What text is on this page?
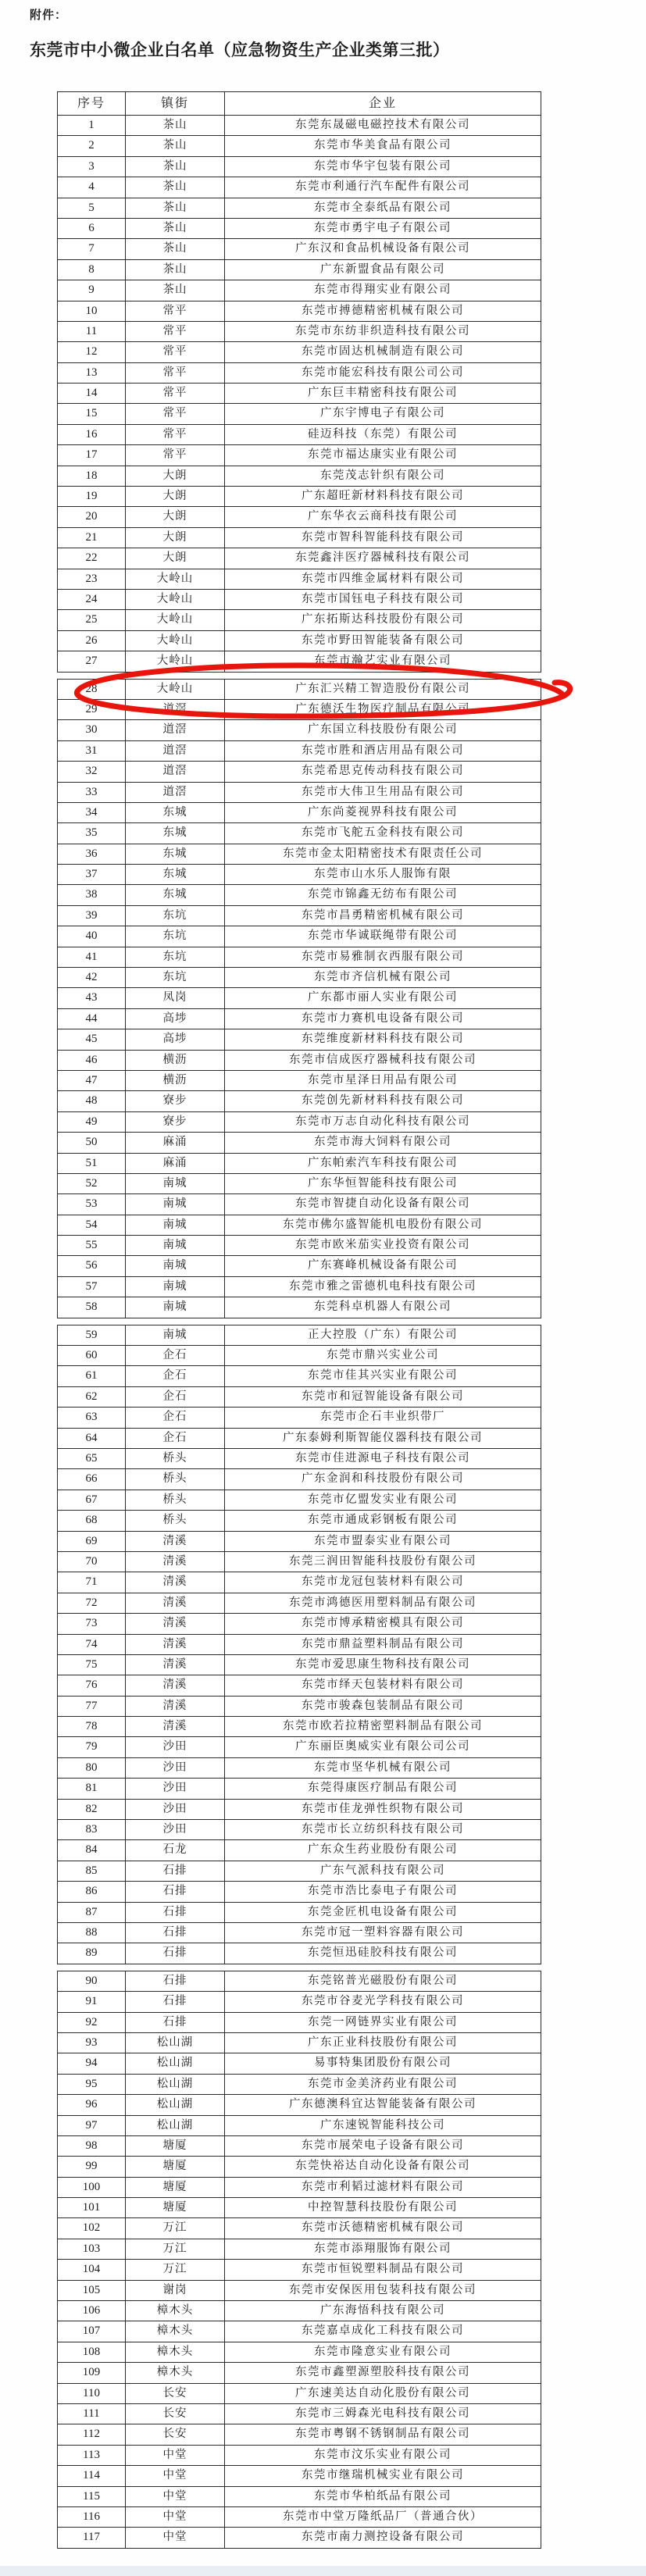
附件：
东莞市中小微企业白名单（应急物资生产企业类第三批）
序号	镇街	企业
1	茶山	东莞东晟磁电磁控技术有限公司
2	茶山	东莞市华美食品有限公司
3	茶山	东莞市华宇包装有限公司
4	茶山	东莞市利通行汽车配件有限公司
5	茶山	东莞市全泰纸品有限公司
6	茶山	东莞市勇宇电子有限公司
7	茶山	广东汉和食品机械设备有限公司
8	茶山	广东新盟食品有限公司
9	茶山	东莞市得翔实业有限公司
10	常平	东莞市搏德精密机械有限公司
11	常平	东莞市东纺非织造科技有限公司
12	常平	东莞市固达机械制造有限公司
13	常平	东莞市能宏科技有限公司公司
14	常平	广东巨丰精密科技有限公司
15	常平	广东宇博电子有限公司
16	常平	硅迈科技（东莞）有限公司
17	常平	东莞市福达康实业有限公司
18	大朗	东莞茂志针织有限公司
19	大朗	广东超旺新材料科技有限公司
20	大朗	广东华衣云商科技有限公司
21	大朗	东莞市智科智能科技有限公司
22	大朗	东莞鑫沣医疗器械科技有限公司
23	大岭山	东莞市四维金属材料有限公司
24	大岭山	东莞市国钰电子科技有限公司
25	大岭山	广东拓斯达科技股份有限公司
26	大岭山	东莞市野田智能装备有限公司
27	大岭山	东莞市瀚艺实业有限公司
28	大岭山	广东汇兴精工智造股份有限公司
29	道滘	广东德沃生物医疗制品有限公司
30	道滘	广东国立科技股份有限公司
31	道滘	东莞市胜和酒店用品有限公司
32	道滘	东莞希思克传动科技有限公司
33	道滘	东莞市大伟卫生用品有限公司
34	东城	广东尚菱视界科技有限公司
35	东城	东莞市飞舵五金科技有限公司
36	东城	东莞市金太阳精密技术有限责任公司
37	东城	东莞市山水乐人服饰有限
38	东城	东莞市锦鑫无纺布有限公司
39	东坑	东莞市昌勇精密机械有限公司
40	东坑	东莞市华诚联绳带有限公司
41	东坑	东莞市易雅制衣西服有限公司
42	东坑	东莞市齐信机械有限公司
43	凤岗	广东都市丽人实业有限公司
44	高埗	东莞市力赛机电设备有限公司
45	高埗	东莞维度新材料科技有限公司
46	横沥	东莞市信成医疗器械科技有限公司
47	横沥	东莞市星泽日用品有限公司
48	寮步	东莞创先新材料科技有限公司
49	寮步	东莞市万志自动化科技有限公司
50	麻涌	东莞市海大饲料有限公司
51	麻涌	广东帕索汽车科技有限公司
52	南城	广东华恒智能科技有限公司
53	南城	东莞市智捷自动化设备有限公司
54	南城	东莞市佛尔盛智能机电股份有限公司
55	南城	东莞市欧米茄实业投资有限公司
56	南城	广东赛峰机械设备有限公司
57	南城	东莞市雅之雷德机电科技有限公司
58	南城	东莞科卓机器人有限公司
59	南城	正大控股（广东）有限公司
60	企石	东莞市鼎兴实业公司
61	企石	东莞市佳其兴实业有限公司
62	企石	东莞市和冠智能设备有限公司
63	企石	东莞市企石丰业织带厂
64	企石	广东泰姆利斯智能仪器科技有限公司
65	桥头	东莞市佳进源电子科技有限公司
66	桥头	广东金润和科技股份有限公司
67	桥头	东莞市亿盟发实业有限公司
68	桥头	东莞市通成彩钢板有限公司
69	清溪	东莞市盟泰实业有限公司
70	清溪	东莞三润田智能科技股份有限公司
71	清溪	东莞市龙冠包装材料有限公司
72	清溪	东莞市鸿德医用塑料制品有限公司
73	清溪	东莞市博承精密模具有限公司
74	清溪	东莞市鼎益塑料制品有限公司
75	清溪	东莞市爱思康生物科技有限公司
76	清溪	东莞市绎天包装材料有限公司
77	清溪	东莞市骏森包装制品有限公司
78	清溪	东莞市欧若拉精密塑料制品有限公司
79	沙田	广东丽臣奥威实业有限公司公司
80	沙田	东莞市坚华机械有限公司
81	沙田	东莞得康医疗制品有限公司
82	沙田	东莞市佳龙弹性织物有限公司
83	沙田	东莞市长立纺织科技有限公司
84	石龙	广东众生药业股份有限公司
85	石排	广东气派科技有限公司
86	石排	东莞市浩比泰电子有限公司
87	石排	东莞金匠机电设备有限公司
88	石排	东莞市冠一塑料容器有限公司
89	石排	东莞恒迅硅胶科技有限公司
90	石排	东莞铭普光磁股份有限公司
91	石排	东莞市谷麦光学科技有限公司
92	石排	东莞一网链界实业有限公司
93	松山湖	广东正业科技股份有限公司
94	松山湖	易事特集团股份有限公司
95	松山湖	东莞市金美济药业有限公司
96	松山湖	广东德澳科宜达智能装备有限公司
97	松山湖	广东速锐智能科技公司
98	塘厦	东莞市展荣电子设备有限公司
99	塘厦	东莞快裕达自动化设备有限公司
100	塘厦	东莞市利韬过滤材料有限公司
101	塘厦	中控智慧科技股份有限公司
102	万江	东莞市沃德精密机械有限公司
103	万江	东莞市添翔服饰有限公司
104	万江	东莞市恒锐塑料制品有限公司
105	谢岗	东莞市安保医用包装科技有限公司
106	樟木头	广东海悟科技有限公司
107	樟木头	东莞嘉卓成化工科技有限公司
108	樟木头	东莞市隆意实业有限公司
109	樟木头	东莞市鑫塑源塑胶科技有限公司
110	长安	广东速美达自动化股份有限公司
111	长安	东莞市三姆森光电科技有限公司
112	长安	东莞市粤钢不锈钢制品有限公司
113	中堂	东莞市汶乐实业有限公司
114	中堂	东莞市继瑞机械实业有限公司
115	中堂	东莞市华柏纸品有限公司
116	中堂	东莞市中堂万隆纸品厂（普通合伙）
117	中堂	东莞市南力测控设备有限公司
